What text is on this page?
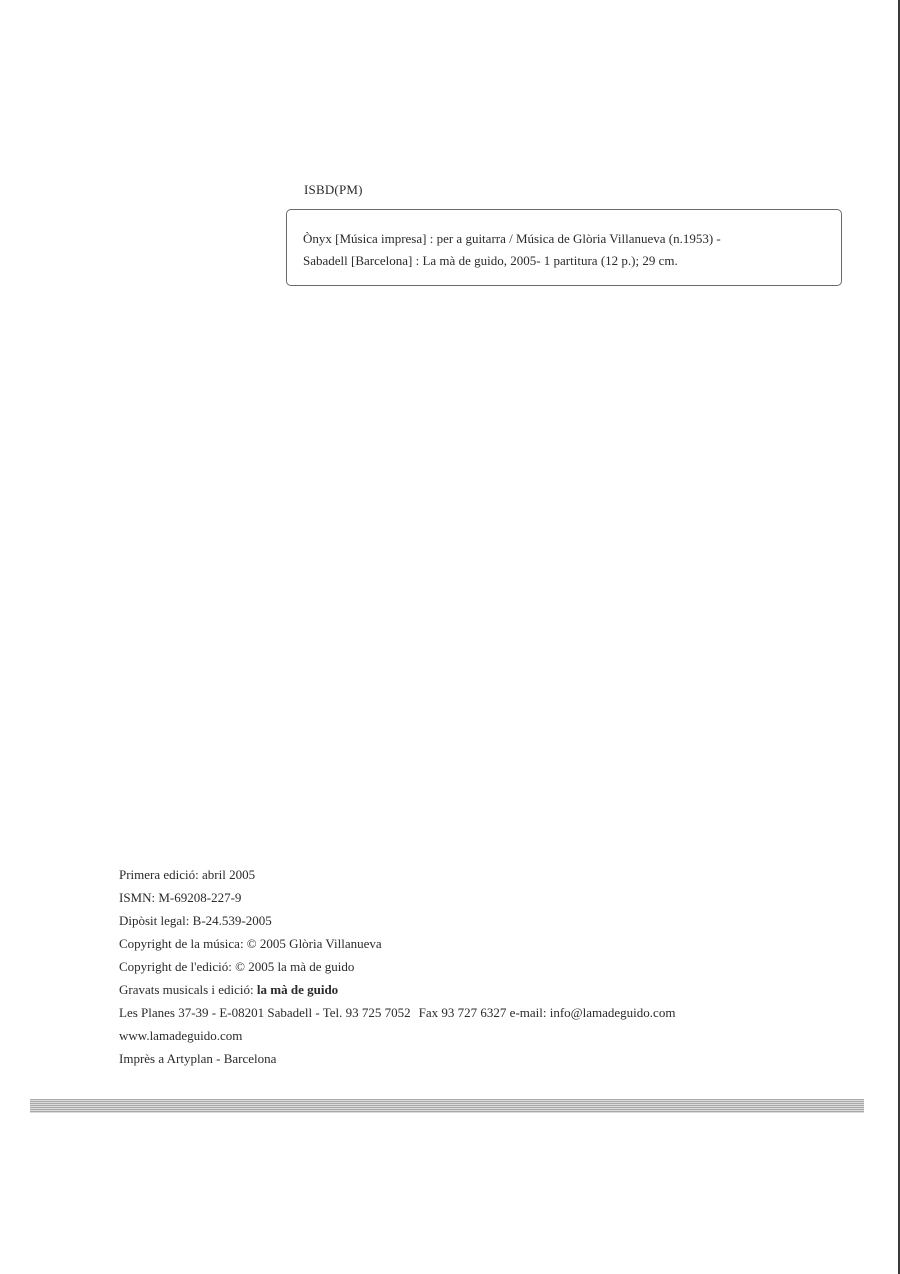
ISBD(PM)
Ònyx [Música impresa] : per a guitarra / Música de Glòria Villanueva (n.1953) -
Sabadell [Barcelona] : La mà de guido, 2005- 1 partitura (12 p.); 29 cm.
Primera edició: abril 2005
ISMN: M-69208-227-9
Dipòsit legal: B-24.539-2005
Copyright de la música: © 2005 Glòria Villanueva
Copyright de l'edició: © 2005 la mà de guido
Gravats musicals i edició: la mà de guido
Les Planes 37-39 - E-08201 Sabadell - Tel. 93 725 7052 Fax 93 727 6327 e-mail: info@lamadeguido.com
www.lamadeguido.com
Imprès a Artyplan - Barcelona
